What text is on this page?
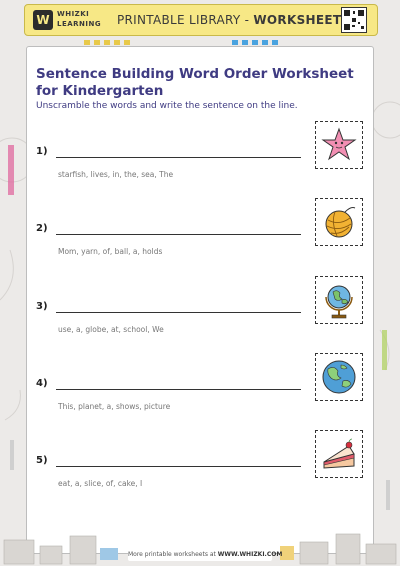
W	WHIZKI
LEARNING PRINTABLE LIBRARY - WORKSHEET
Sentence Building Word Order Worksheet for Kindergarten
Unscramble the words and write the sentence on the line.
1)
starfish, lives, in, the, sea, The
2)
Mom, yarn, of, ball, a, holds
3)
use, a, globe, at, school, We
4)
This, planet, a, shows, picture
5)
eat, a, slice, of, cake, I
More printable worksheets at WWW.WHIZKI.COM
